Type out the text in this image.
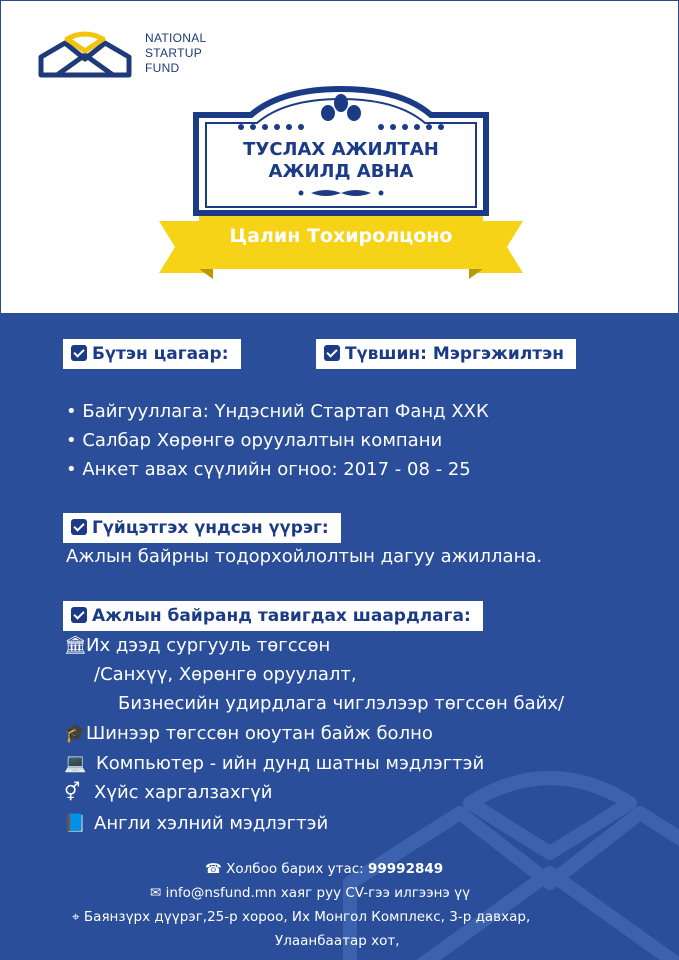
NATIONAL
STARTUP
FUND
ТУСЛАХ АЖИЛТАН
АЖИЛД АВНА
Цалин Тохиролцоно
Бүтэн цагаар:	Түвшин: Мэргэжилтэн
• Байгууллага: Үндэсний Стартап Фанд ХХК
• Салбар Хөрөнгө оруулалтын компани
• Анкет авах сүүлийн огноо: 2017 - 08 - 25
Гүйцэтгэх үндсэн үүрэг:
Ажлын байрны тодорхойлолтын дагуу ажиллана.
Ажлын байранд тавигдах шаардлага:
🏛Их дээд сургууль төгссөн
/Санхүү, Хөрөнгө оруулалт,
Бизнесийн удирдлага чиглэлээр төгссөн байх/
🎓Шинээр төгссөн оюутан байж болно
💻 Компьютер - ийн дунд шатны мэдлэгтэй
⚥ Хүйс харгалзахгүй
📘 Англи хэлний мэдлэгтэй
☎ Холбоо барих утас: 99992849
✉ info@nsfund.mn хаяг руу CV-гээ илгээнэ үү
⌖ Баянзүрх дүүрэг,25-р хороо, Их Монгол Комплекс, 3-р давхар,
Улаанбаатар хот,
